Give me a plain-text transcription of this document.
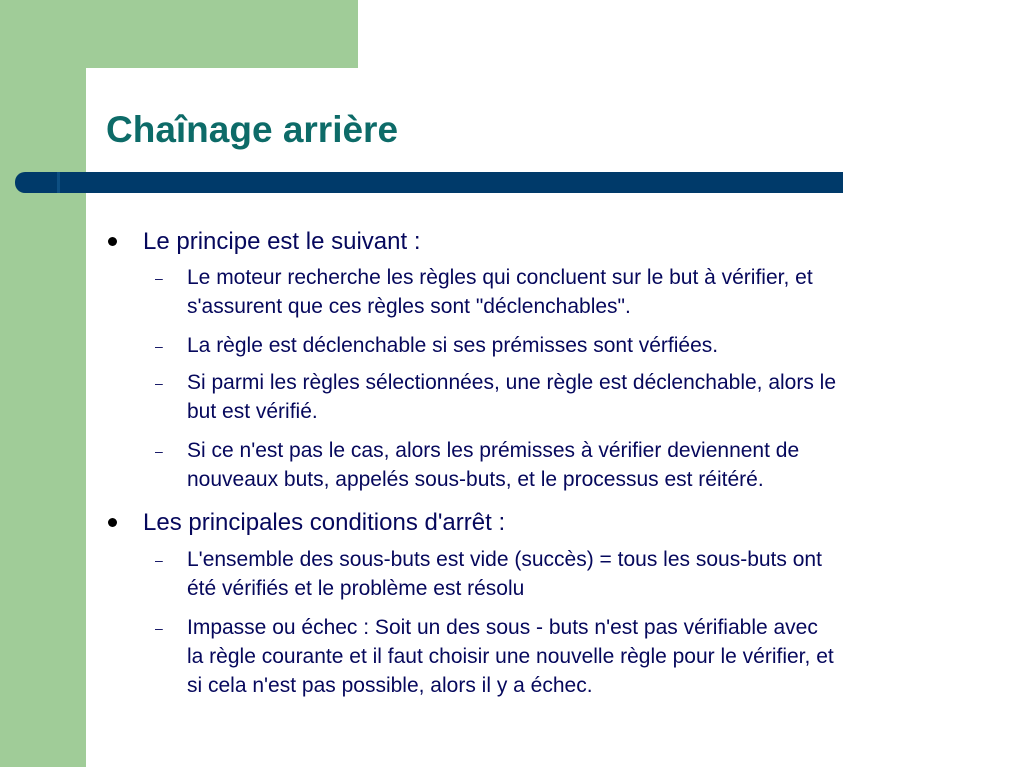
Chaînage arrière
Le principe est le suivant :
– Le moteur recherche les règles qui concluent sur le but à vérifier, et
s'assurent que ces règles sont "déclenchables".
– La règle est déclenchable si ses prémisses sont vérfiées.
– Si parmi les règles sélectionnées, une règle est déclenchable, alors le
but est vérifié.
– Si ce n'est pas le cas, alors les prémisses à vérifier deviennent de
nouveaux buts, appelés sous-buts, et le processus est réitéré.
Les principales conditions d'arrêt :
– L'ensemble des sous-buts est vide (succès) = tous les sous-buts ont
été vérifiés et le problème est résolu
– Impasse ou échec : Soit un des sous - buts n'est pas vérifiable avec
la règle courante et il faut choisir une nouvelle règle pour le vérifier, et
si cela n'est pas possible, alors il y a échec.
